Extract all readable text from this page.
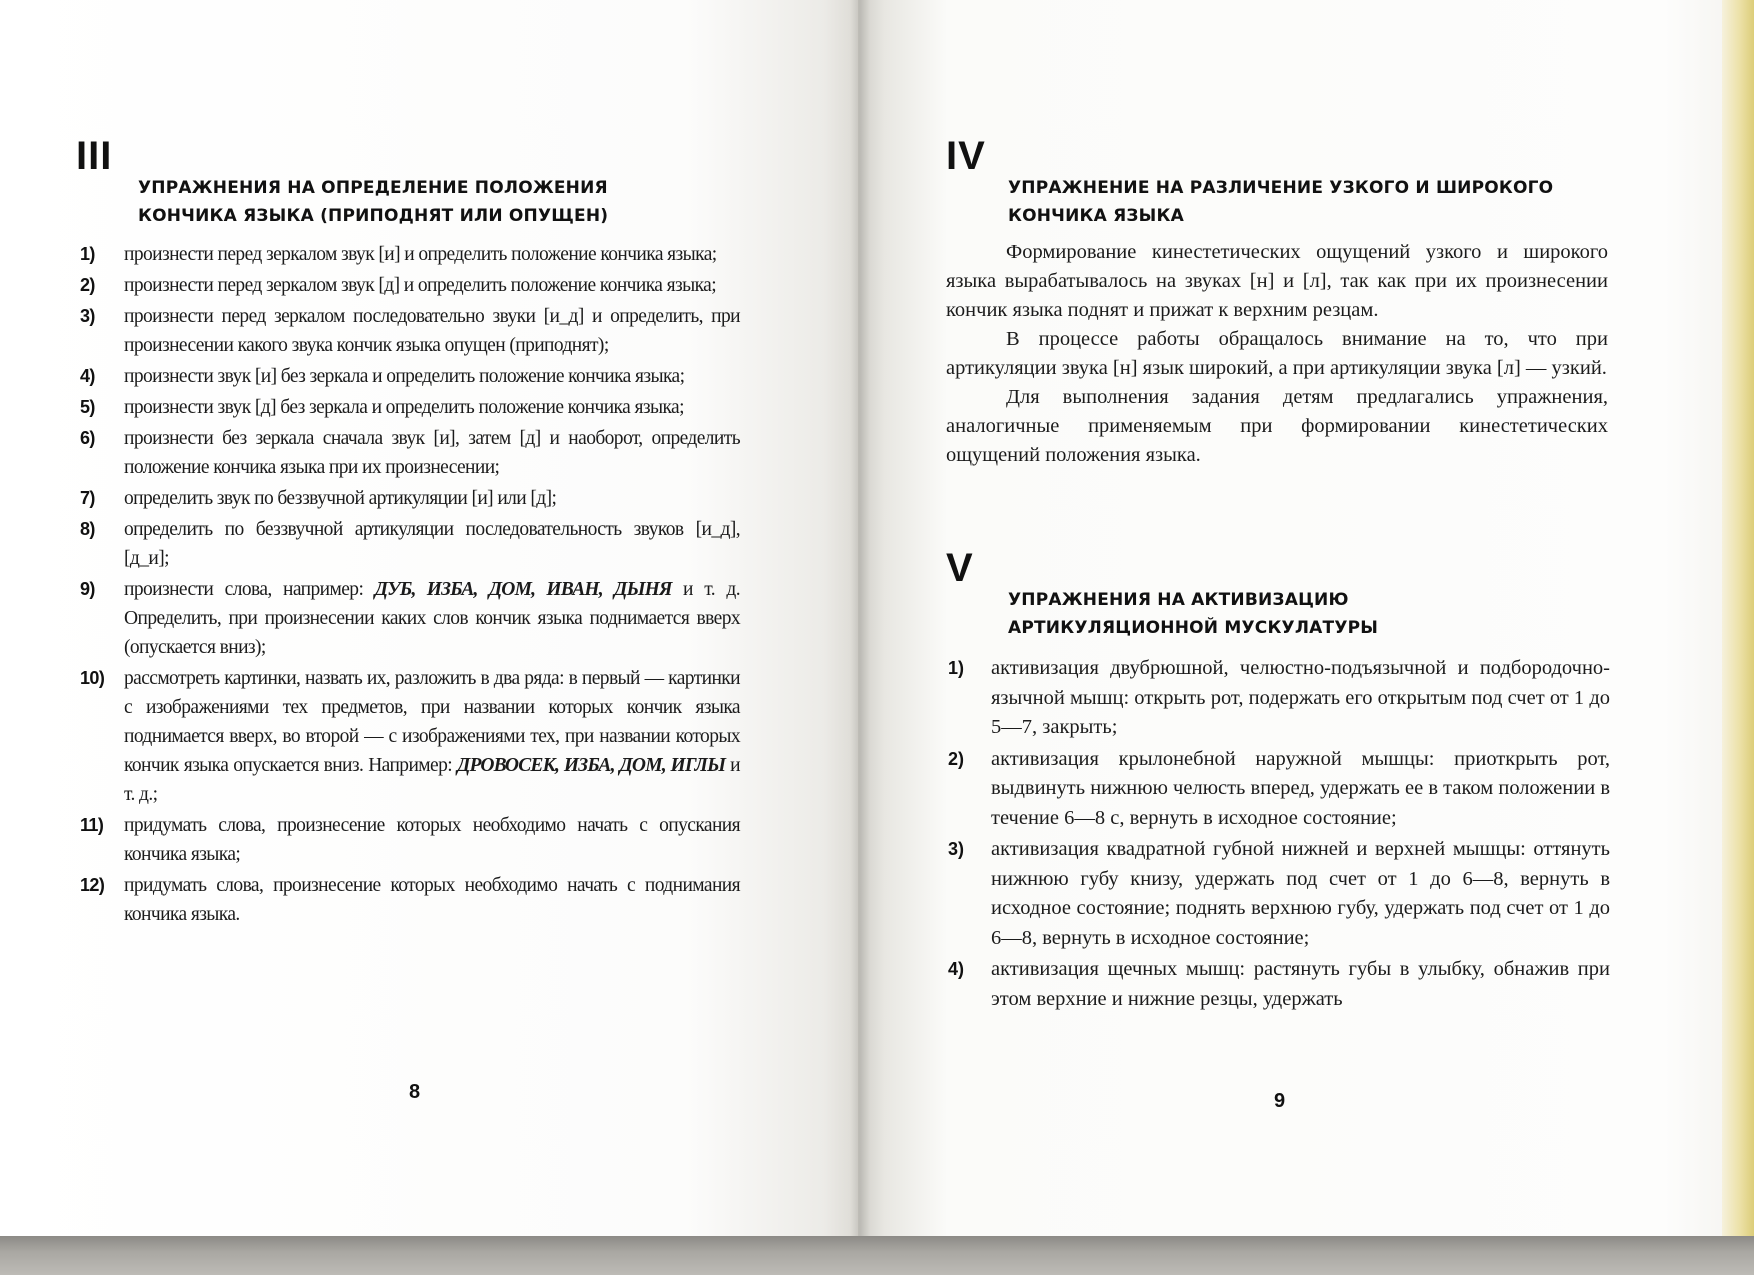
III
УПРАЖНЕНИЯ НА ОПРЕДЕЛЕНИЕ ПОЛОЖЕНИЯ
КОНЧИКА ЯЗЫКА (ПРИПОДНЯТ ИЛИ ОПУЩЕН)
1) произнести перед зеркалом звук [и] и определить положение кончика языка;
2) произнести перед зеркалом звук [д] и определить положение кончика языка;
3) произнести перед зеркалом последовательно звуки [и_д] и определить, при произнесении какого звука кончик языка опущен (приподнят);
4) произнести звук [и] без зеркала и определить положение кончика языка;
5) произнести звук [д] без зеркала и определить положение кончика языка;
6) произнести без зеркала сначала звук [и], затем [д] и наоборот, определить положение кончика языка при их произнесении;
7) определить звук по беззвучной артикуляции [и] или [д];
8) определить по беззвучной артикуляции последовательность звуков [и_д], [д_и];
9) произнести слова, например: ДУБ, ИЗБА, ДОМ, ИВАН, ДЫНЯ и т. д. Определить, при произнесении каких слов кончик языка поднимается вверх (опускается вниз);
10) рассмотреть картинки, назвать их, разложить в два ряда: в первый — картинки с изображениями тех предметов, при названии которых кончик языка поднимается вверх, во второй — с изображениями тех, при названии которых кончик языка опускается вниз. Например: ДРОВОСЕК, ИЗБА, ДОМ, ИГЛЫ и т. д.;
11) придумать слова, произнесение которых необходимо начать с опускания кончика языка;
12) придумать слова, произнесение которых необходимо начать с поднимания кончика языка.
8
IV
УПРАЖНЕНИЕ НА РАЗЛИЧЕНИЕ УЗКОГО И ШИРОКОГО
КОНЧИКА ЯЗЫКА

Формирование кинестетических ощущений узкого и широкого языка вырабатывалось на звуках [н] и [л], так как при их произнесении кончик языка поднят и прижат к верхним резцам.

В процессе работы обращалось внимание на то, что при артикуляции звука [н] язык широкий, а при артикуляции звука [л] — узкий.

Для выполнения задания детям предлагались упражнения, аналогичные применяемым при формировании кинестетических ощущений положения языка.

V
УПРАЖНЕНИЯ НА АКТИВИЗАЦИЮ
АРТИКУЛЯЦИОННОЙ МУСКУЛАТУРЫ
1) активизация двубрюшной, челюстно-подъязычной и подбородочно-язычной мышц: открыть рот, подержать его открытым под счет от 1 до 5—7, закрыть;
2) активизация крылонебной наружной мышцы: приоткрыть рот, выдвинуть нижнюю челюсть вперед, удержать ее в таком положении в течение 6—8 с, вернуть в исходное состояние;
3) активизация квадратной губной нижней и верхней мышцы: оттянуть нижнюю губу книзу, удержать под счет от 1 до 6—8, вернуть в исходное состояние; поднять верхнюю губу, удержать под счет от 1 до 6—8, вернуть в исходное состояние;
4) активизация щечных мышц: растянуть губы в улыбку, обнажив при этом верхние и нижние резцы, удержать
9
